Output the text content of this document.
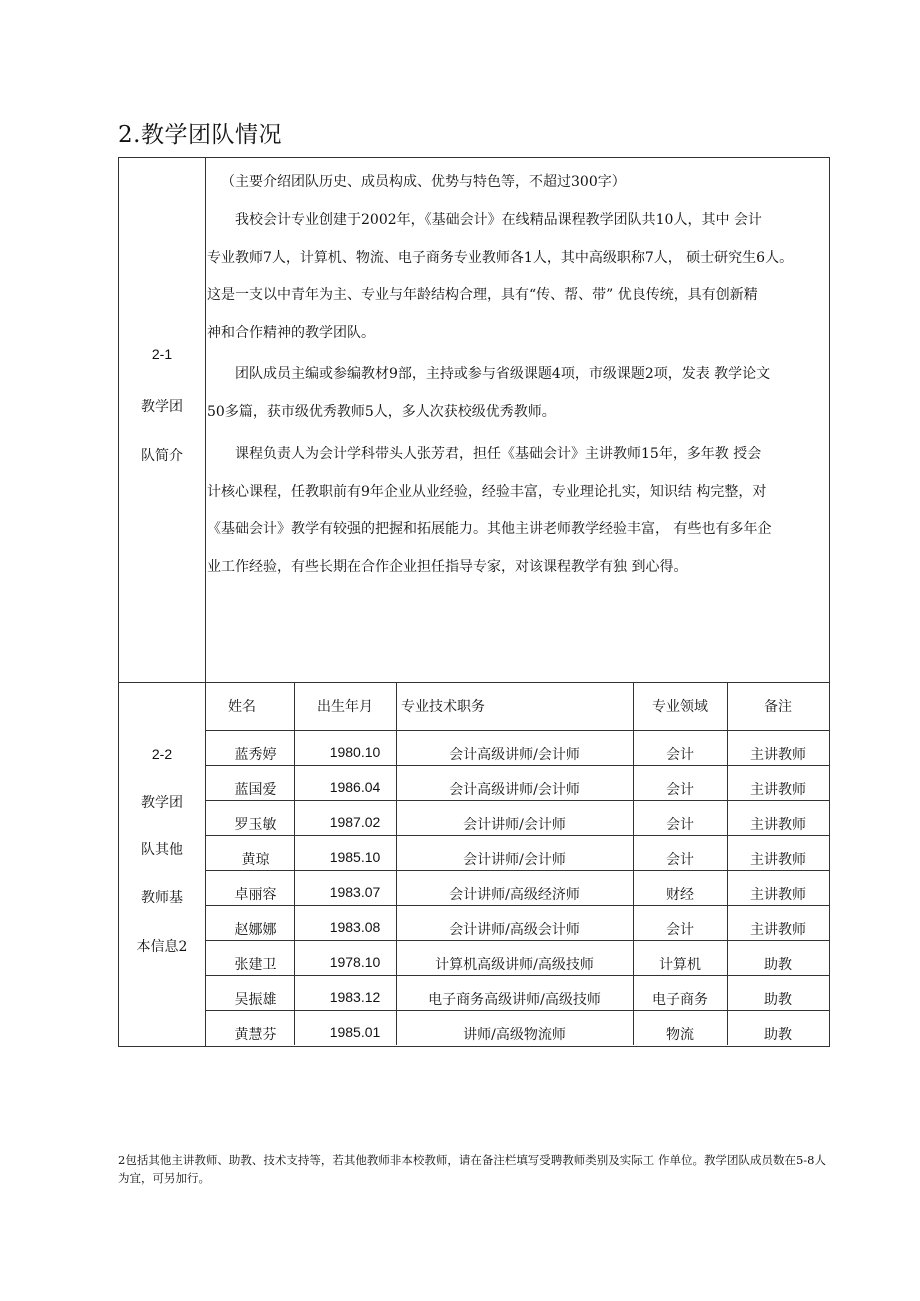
2.教学团队情况
2-1
教学团
队简介
（主要介绍团队历史、成员构成、优势与特色等，不超过300字）
　　我校会计专业创建于2002年，《基础会计》在线精品课程教学团队共10人，其中 会计
专业教师7人，计算机、物流、电子商务专业教师各1人，其中高级职称7人， 硕士研究生6人。
这是一支以中青年为主、专业与年龄结构合理，具有“传、帮、带” 优良传统，具有创新精
神和合作精神的教学团队。
　　团队成员主编或参编教材9部，主持或参与省级课题4项，市级课题2项，发表 教学论文
50多篇，获市级优秀教师5人，多人次获校级优秀教师。
　　课程负责人为会计学科带头人张芳君，担任《基础会计》主讲教师15年，多年教 授会
计核心课程，任教职前有9年企业从业经验，经验丰富，专业理论扎实，知识结 构完整，对
《基础会计》教学有较强的把握和拓展能力。其他主讲老师教学经验丰富， 有些也有多年企
业工作经验，有些长期在合作企业担任指导专家，对该课程教学有独 到心得。
2-2
教学团
队其他
教师基
本信息2
姓名	出生年月	专业技术职务	专业领域	备注
蓝秀婷	1980.10	会计高级讲师/会计师	会计	主讲教师
蓝国爱	1986.04	会计高级讲师/会计师	会计	主讲教师
罗玉敏	1987.02	会计讲师/会计师	会计	主讲教师
黄琼	1985.10	会计讲师/会计师	会计	主讲教师
卓丽容	1983.07	会计讲师/高级经济师	财经	主讲教师
赵娜娜	1983.08	会计讲师/高级会计师	会计	主讲教师
张建卫	1978.10	计算机高级讲师/高级技师	计算机	助教
吴振雄	1983.12	电子商务高级讲师/高级技师	电子商务	助教
黄慧芬	1985.01	讲师/高级物流师	物流	助教
2包括其他主讲教师、助教、技术支持等，若其他教师非本校教师，请在备注栏填写受聘教师类别及实际工 作单位。教学团队成员数在5-8人为宜，可另加行。
